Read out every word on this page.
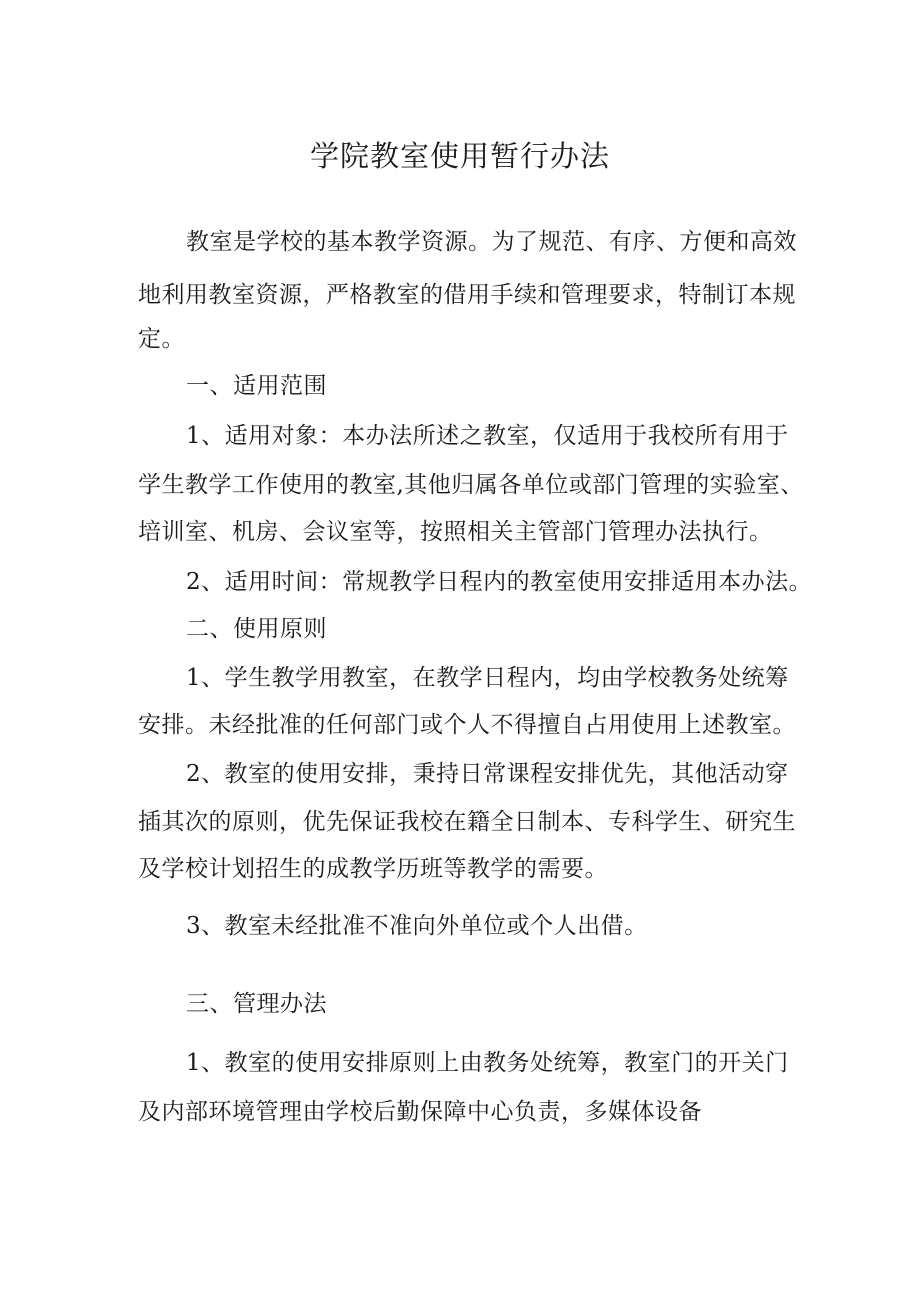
学院教室使用暂行办法
教室是学校的基本教学资源。为了规范、有序、方便和高效
地利用教室资源，严格教室的借用手续和管理要求，特制订本规
定。
一、适用范围
1、适用对象：本办法所述之教室，仅适用于我校所有用于
学生教学工作使用的教室,其他归属各单位或部门管理的实验室、
培训室、机房、会议室等，按照相关主管部门管理办法执行。
2、适用时间：常规教学日程内的教室使用安排适用本办法。
二、使用原则
1、学生教学用教室，在教学日程内，均由学校教务处统筹
安排。未经批准的任何部门或个人不得擅自占用使用上述教室。
2、教室的使用安排，秉持日常课程安排优先，其他活动穿
插其次的原则，优先保证我校在籍全日制本、专科学生、研究生
及学校计划招生的成教学历班等教学的需要。
3、教室未经批准不准向外单位或个人出借。
三、管理办法
1、教室的使用安排原则上由教务处统筹，教室门的开关门
及内部环境管理由学校后勤保障中心负责，多媒体设备
